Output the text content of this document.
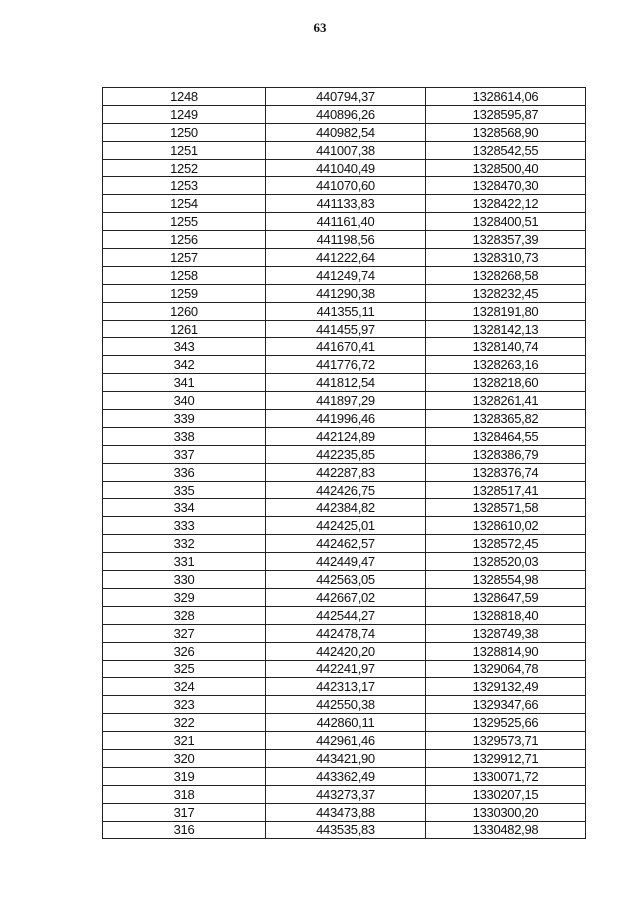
63
1248	440794,37	1328614,06
1249	440896,26	1328595,87
1250	440982,54	1328568,90
1251	441007,38	1328542,55
1252	441040,49	1328500,40
1253	441070,60	1328470,30
1254	441133,83	1328422,12
1255	441161,40	1328400,51
1256	441198,56	1328357,39
1257	441222,64	1328310,73
1258	441249,74	1328268,58
1259	441290,38	1328232,45
1260	441355,11	1328191,80
1261	441455,97	1328142,13
343	441670,41	1328140,74
342	441776,72	1328263,16
341	441812,54	1328218,60
340	441897,29	1328261,41
339	441996,46	1328365,82
338	442124,89	1328464,55
337	442235,85	1328386,79
336	442287,83	1328376,74
335	442426,75	1328517,41
334	442384,82	1328571,58
333	442425,01	1328610,02
332	442462,57	1328572,45
331	442449,47	1328520,03
330	442563,05	1328554,98
329	442667,02	1328647,59
328	442544,27	1328818,40
327	442478,74	1328749,38
326	442420,20	1328814,90
325	442241,97	1329064,78
324	442313,17	1329132,49
323	442550,38	1329347,66
322	442860,11	1329525,66
321	442961,46	1329573,71
320	443421,90	1329912,71
319	443362,49	1330071,72
318	443273,37	1330207,15
317	443473,88	1330300,20
316	443535,83	1330482,98
